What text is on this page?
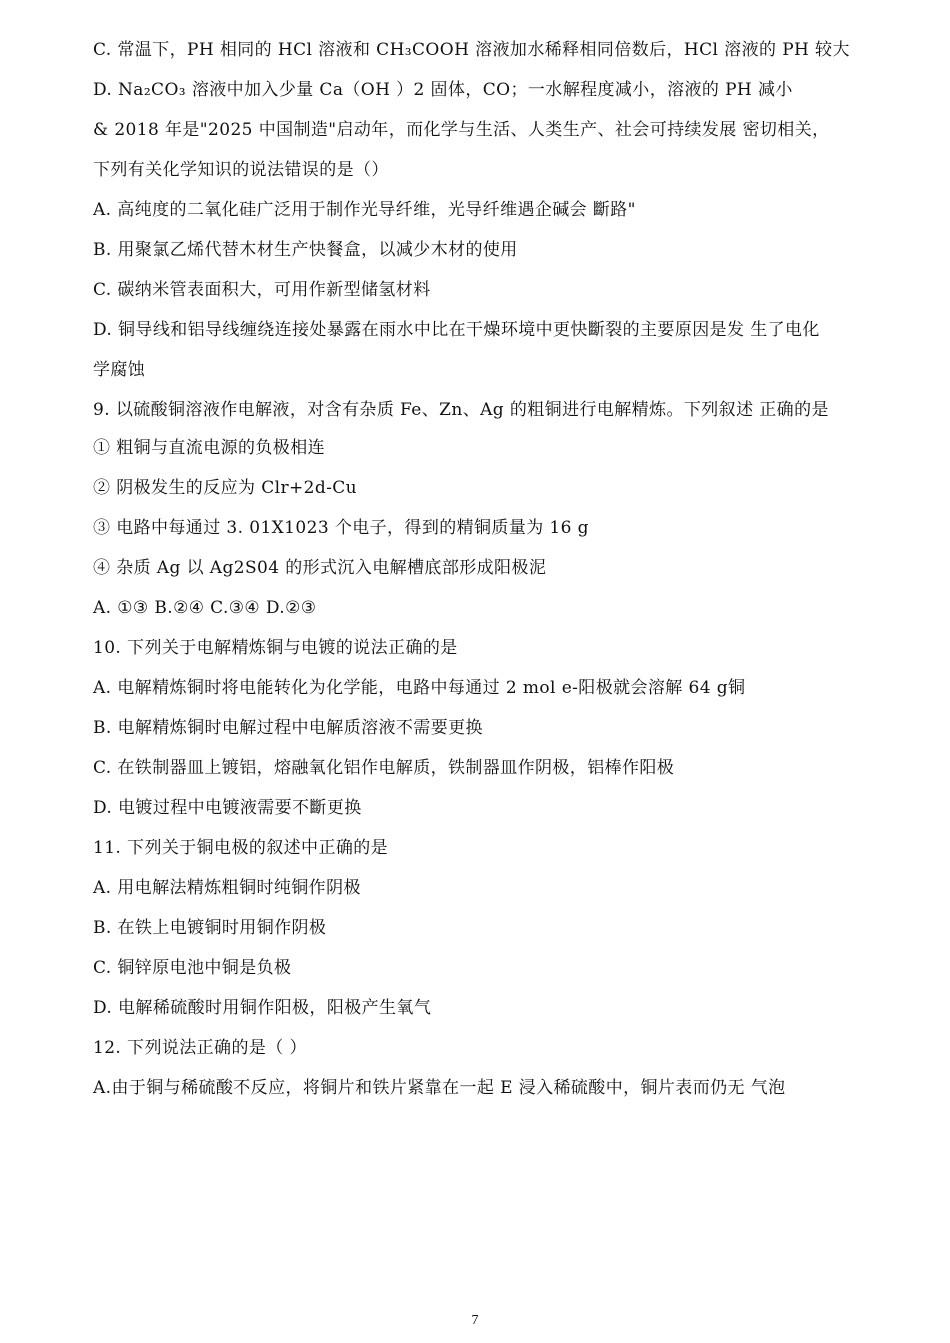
C. 常温下，PH 相同的 HCl 溶液和 CH₃COOH 溶液加水稀释相同倍数后，HCl 溶液的 PH 较大
D. Na₂CO₃ 溶液中加入少量 Ca（OH ）2 固体，CO；一水解程度减小，溶液的 PH 减小
& 2018 年是"2025 中国制造"启动年，而化学与生活、人类生产、社会可持续发展 密切相关，
下列有关化学知识的说法错误的是（）
A. 高纯度的二氧化硅广泛用于制作光导纤维，光导纤维遇企碱会 斷路"
B. 用聚氯乙烯代替木材生产快餐盒，以减少木材的使用
C. 碳纳米管表面积大，可用作新型储氢材料
D. 铜导线和铝导线缠绕连接处暴露在雨水中比在干燥环境中更快斷裂的主要原因是发 生了电化
学腐蚀
9. 以硫酸铜溶液作电解液，对含有杂质 Fe、Zn、Ag 的粗铜进行电解精炼。下列叙述 正确的是
① 粗铜与直流电源的负极相连
② 阴极发生的反应为 Clr+2d-Cu
③ 电路中每通过 3. 01X1023 个电子，得到的精铜质量为 16 g
④ 杂质 Ag 以 Ag2S04 的形式沉入电解槽底部形成阳极泥
A. ①③ B.②④ C.③④ D.②③
10. 下列关于电解精炼铜与电镀的说法正确的是
A. 电解精炼铜时将电能转化为化学能，电路中每通过 2 mol e-阳极就会溶解 64 g铜
B. 电解精炼铜时电解过程中电解质溶液不需要更换
C. 在铁制器皿上镀铝，熔融氧化铝作电解质，铁制器皿作阴极，铝棒作阳极
D. 电镀过程中电镀液需要不斷更换
11. 下列关于铜电极的叙述中正确的是
A. 用电解法精炼粗铜时纯铜作阴极
B. 在铁上电镀铜时用铜作阴极
C. 铜锌原电池中铜是负极
D. 电解稀硫酸时用铜作阳极，阳极产生氧气
12. 下列说法正确的是（ ）
A.由于铜与稀硫酸不反应，将铜片和铁片紧靠在一起 E 浸入稀硫酸中，铜片表而仍无 气泡
7
